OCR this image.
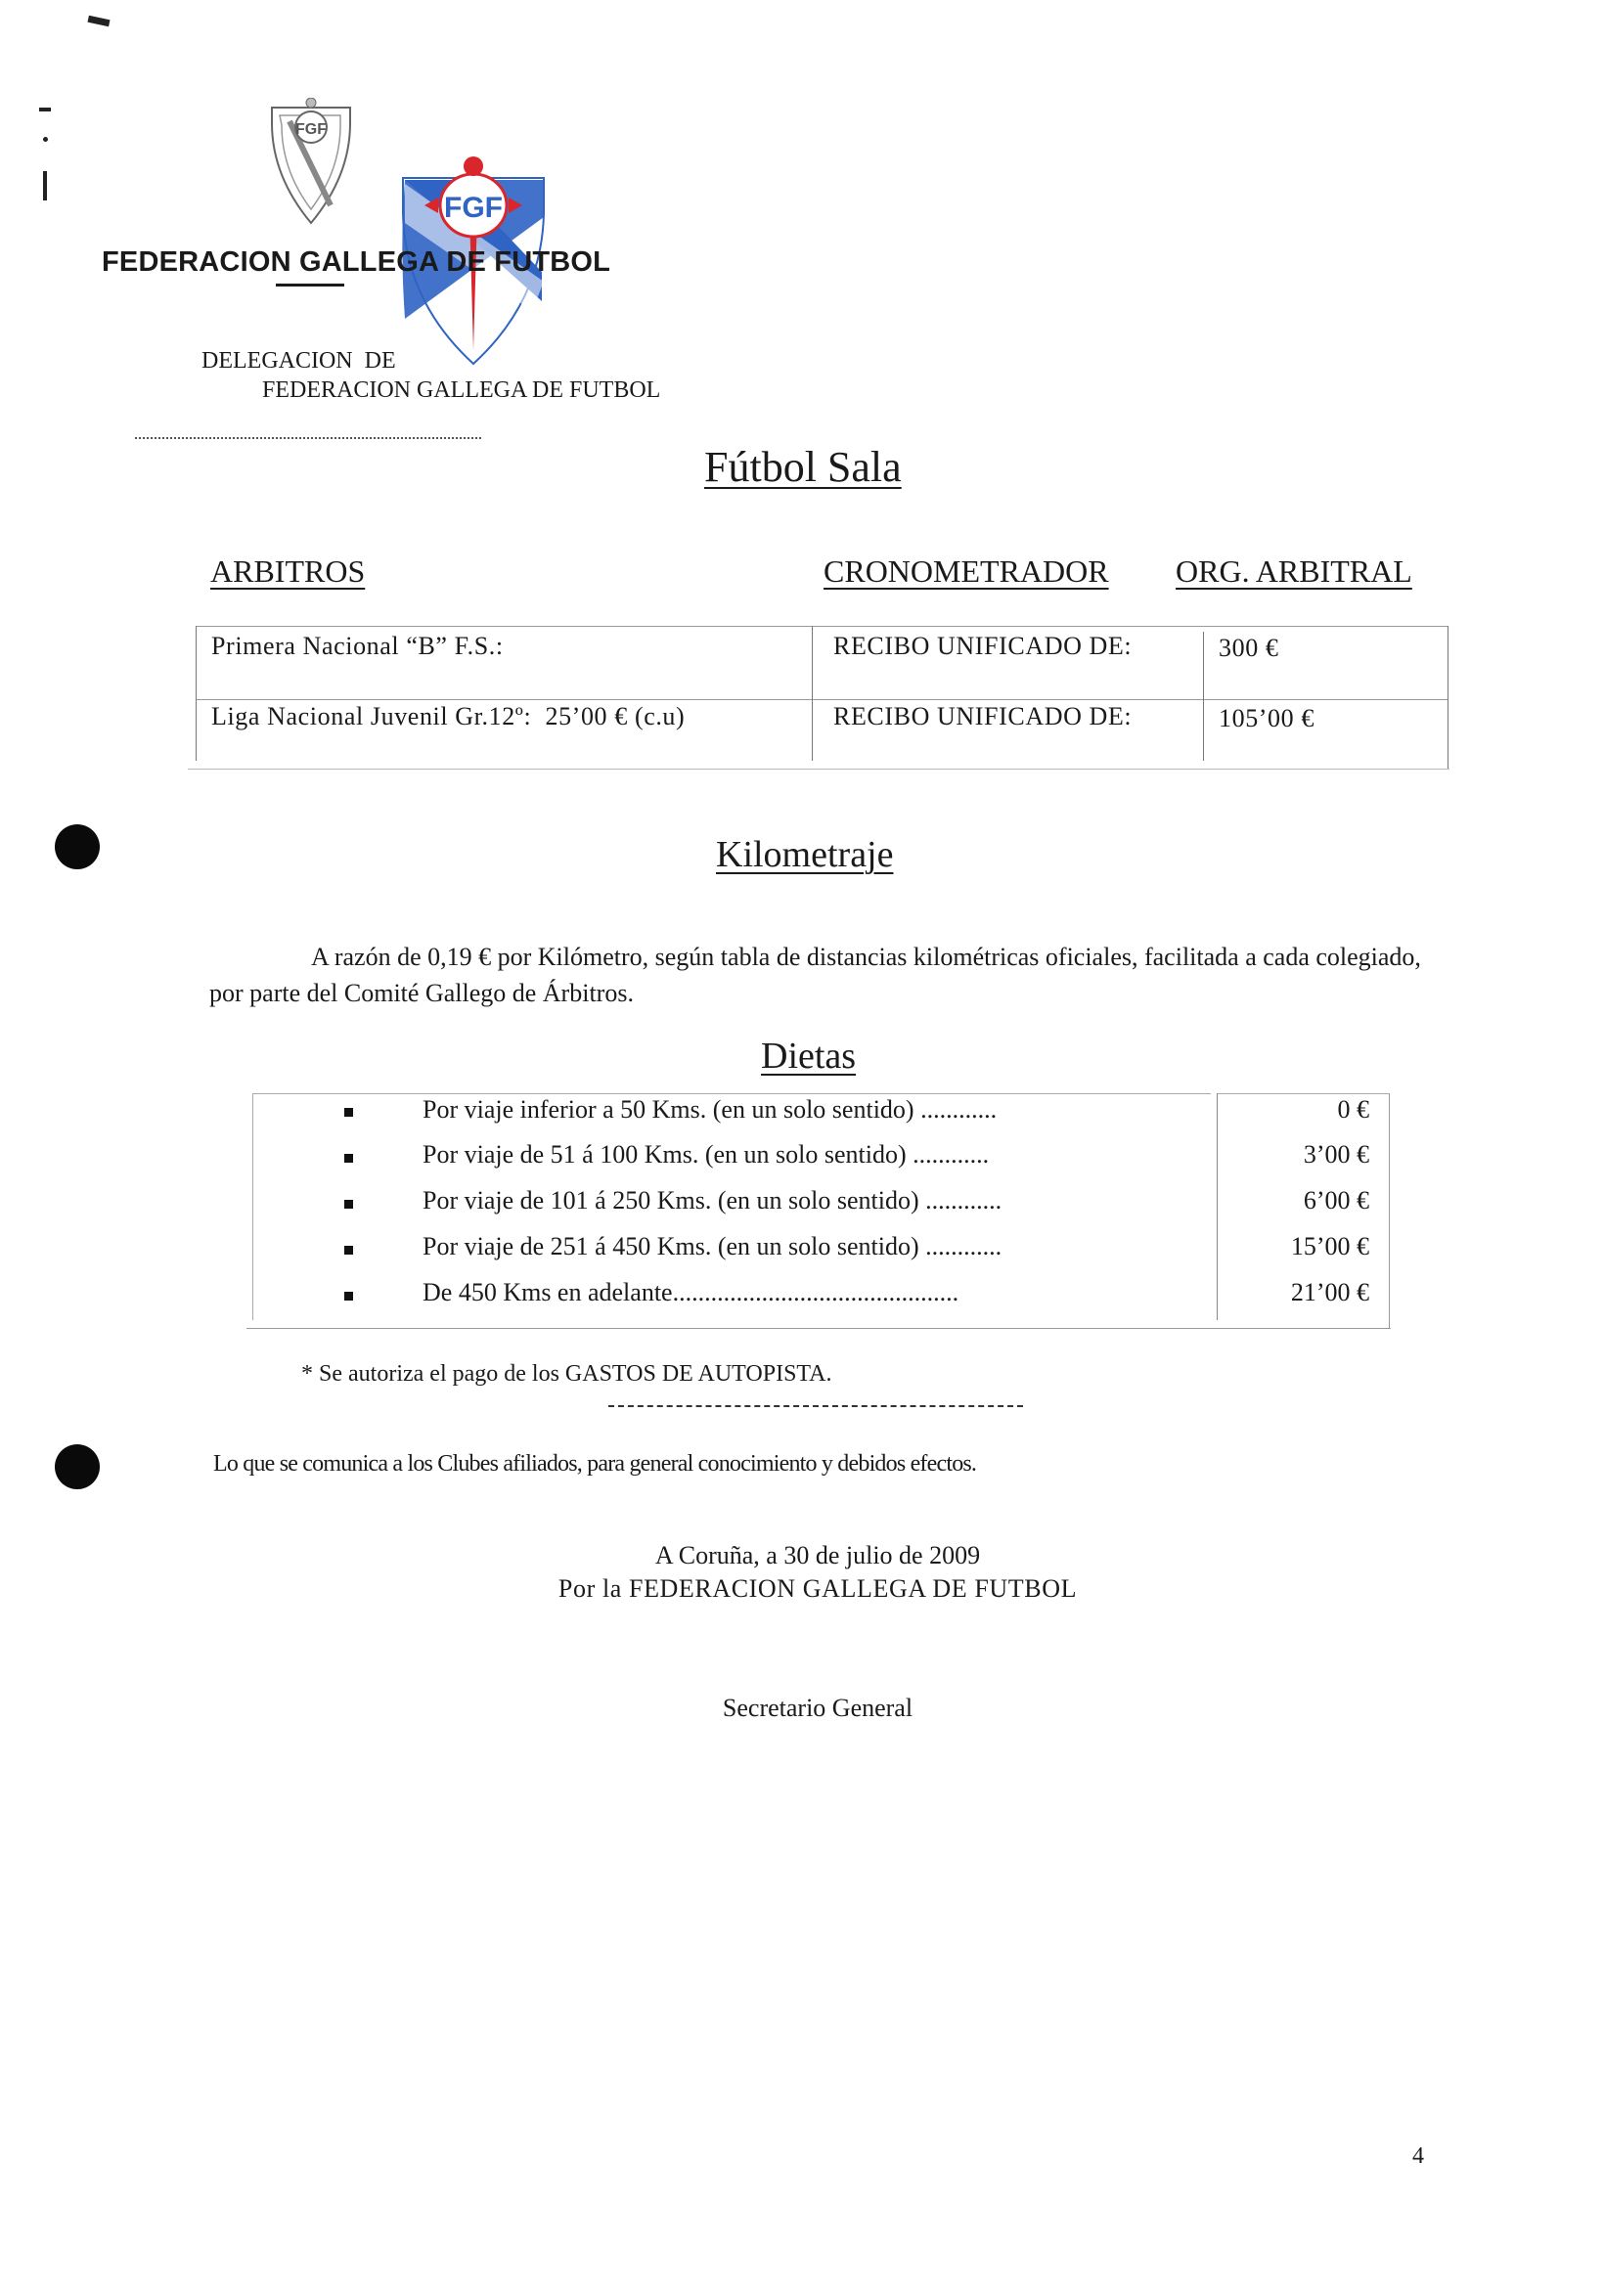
FGF
FGF
FEDERACION GALLEGA DE FUTBOL
DELEGACION  DE
FEDERACION GALLEGA DE FUTBOL
Fútbol Sala
ARBITROS	CRONOMETRADOR ORG. ARBITRAL
Primera Nacional “B” F.S.:	RECIBO UNIFICADO DE:	300 €
Liga Nacional Juvenil Gr.12º:  25’00 € (c.u)	RECIBO UNIFICADO DE:	105’00 €
Kilometraje
A razón de 0,19 € por Kilómetro, según tabla de distancias kilométricas oficiales, facilitada a cada colegiado, por parte del Comité Gallego de Árbitros.
Dietas
Por viaje inferior a 50 Kms. (en un solo sentido) ............	0 €
Por viaje de 51 á 100 Kms. (en un solo sentido) ............	3’00 €
Por viaje de 101 á 250 Kms. (en un solo sentido) ............	6’00 €
Por viaje de 251 á 450 Kms. (en un solo sentido) ............	15’00 €
De 450 Kms en adelante.............................................	21’00 €
* Se autoriza el pago de los GASTOS DE AUTOPISTA.
Lo que se comunica a los Clubes afiliados, para general conocimiento y debidos efectos.
A Coruña, a 30 de julio de 2009
Por la FEDERACION GALLEGA DE FUTBOL
Secretario General
4
